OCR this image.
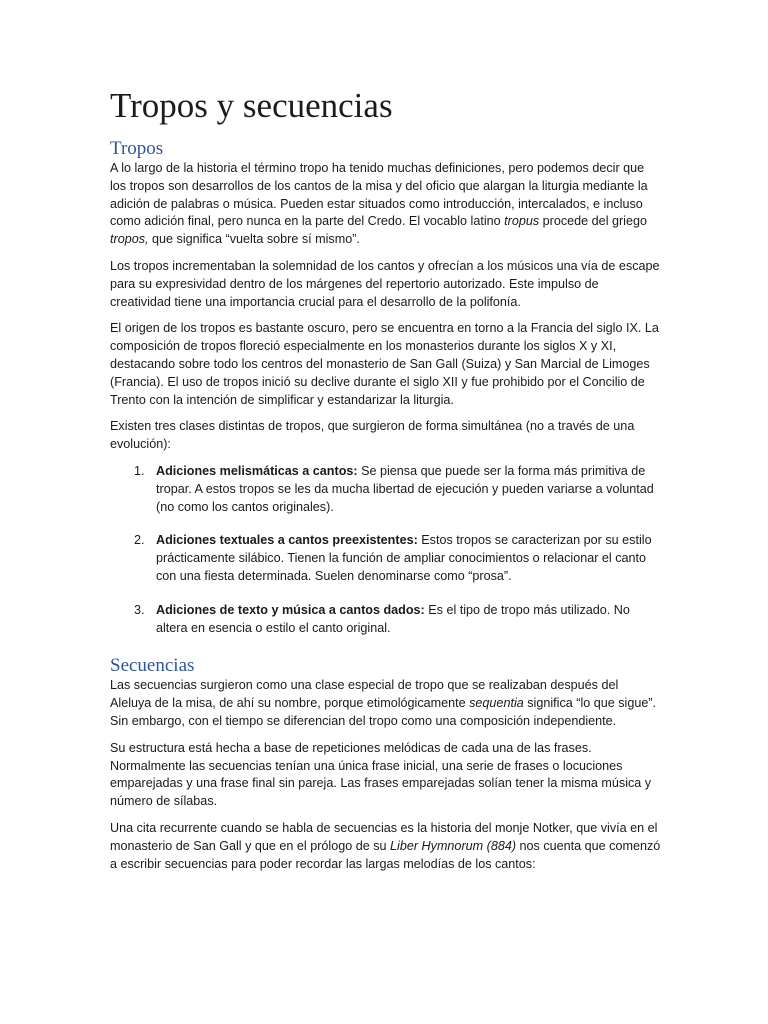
Tropos y secuencias
Tropos

A lo largo de la historia el término tropo ha tenido muchas definiciones, pero podemos decir que los tropos son desarrollos de los cantos de la misa y del oficio que alargan la liturgia mediante la adición de palabras o música. Pueden estar situados como introducción, intercalados, e incluso como adición final, pero nunca en la parte del Credo. El vocablo latino tropus procede del griego tropos, que significa “vuelta sobre sí mismo”.

Los tropos incrementaban la solemnidad de los cantos y ofrecían a los músicos una vía de escape para su expresividad dentro de los márgenes del repertorio autorizado. Este impulso de creatividad tiene una importancia crucial para el desarrollo de la polifonía.

El origen de los tropos es bastante oscuro, pero se encuentra en torno a la Francia del siglo IX. La composición de tropos floreció especialmente en los monasterios durante los siglos X y XI, destacando sobre todo los centros del monasterio de San Gall (Suiza) y San Marcial de Limoges (Francia). El uso de tropos inició su declive durante el siglo XII y fue prohibido por el Concilio de Trento con la intención de simplificar y estandarizar la liturgia.

Existen tres clases distintas de tropos, que surgieron de forma simultánea (no a través de una evolución):

1. Adiciones melismáticas a cantos: Se piensa que puede ser la forma más primitiva de tropar. A estos tropos se les da mucha libertad de ejecución y pueden variarse a voluntad (no como los cantos originales).
2. Adiciones textuales a cantos preexistentes: Estos tropos se caracterizan por su estilo prácticamente silábico. Tienen la función de ampliar conocimientos o relacionar el canto con una fiesta determinada. Suelen denominarse como “prosa”.
3. Adiciones de texto y música a cantos dados: Es el tipo de tropo más utilizado. No altera en esencia o estilo el canto original.
Secuencias

Las secuencias surgieron como una clase especial de tropo que se realizaban después del Aleluya de la misa, de ahí su nombre, porque etimológicamente sequentia significa “lo que sigue”. Sin embargo, con el tiempo se diferencian del tropo como una composición independiente.

Su estructura está hecha a base de repeticiones melódicas de cada una de las frases. Normalmente las secuencias tenían una única frase inicial, una serie de frases o locuciones emparejadas y una frase final sin pareja. Las frases emparejadas solían tener la misma música y número de sílabas.

Una cita recurrente cuando se habla de secuencias es la historia del monje Notker, que vivía en el monasterio de San Gall y que en el prólogo de su Liber Hymnorum (884) nos cuenta que comenzó a escribir secuencias para poder recordar las largas melodías de los cantos:
